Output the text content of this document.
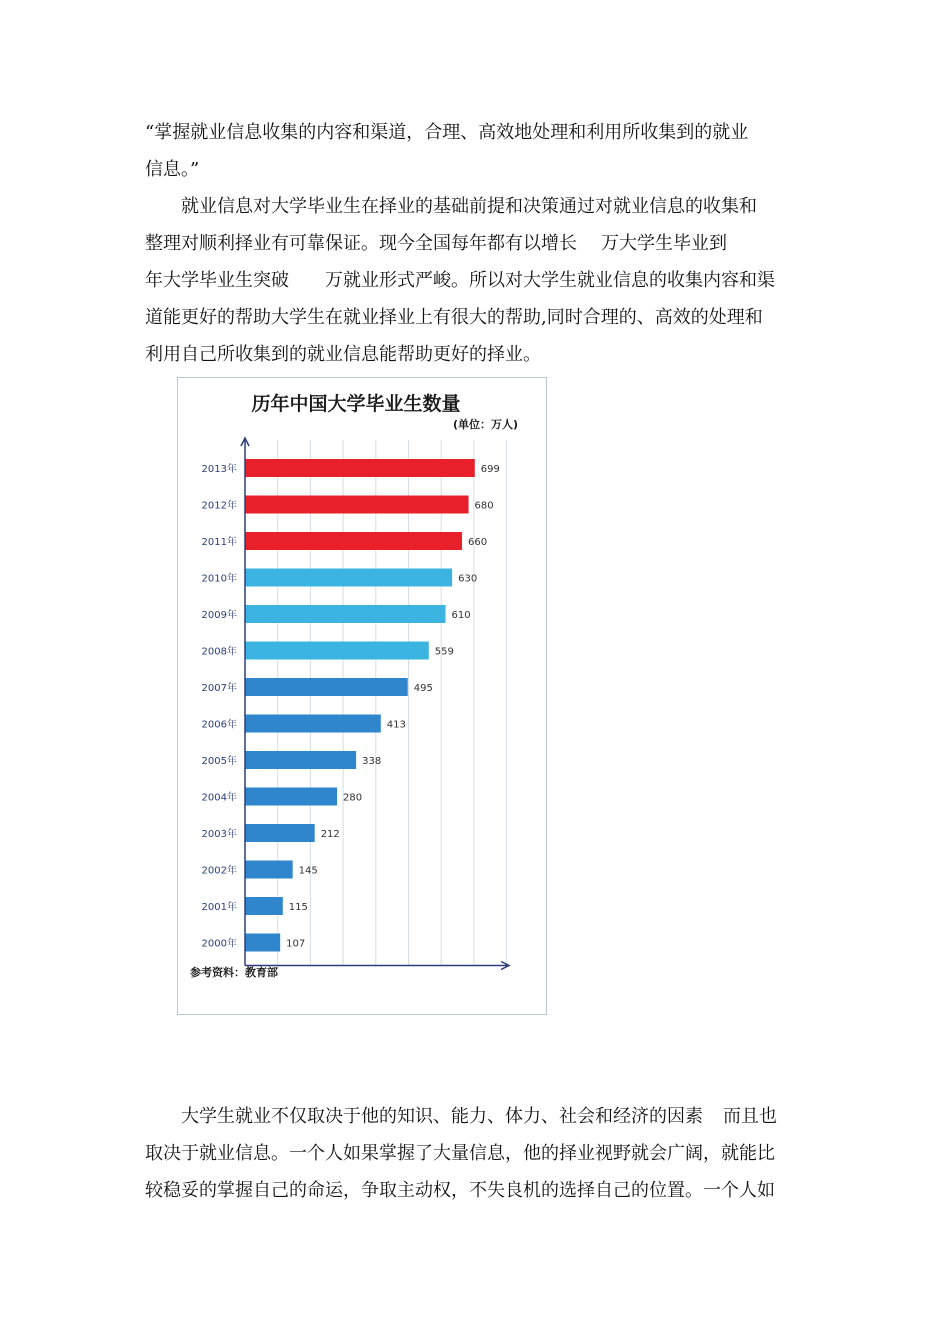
“掌握就业信息收集的内容和渠道，合理、高效地处理和利用所收集到的就业
信息。”
就业信息对大学毕业生在择业的基础前提和决策通过对就业信息的收集和
整理对顺利择业有可靠保证。现今全国每年都有以增长 万大学生毕业到
年大学毕业生突破 万就业形式严峻。所以对大学生就业信息的收集内容和渠
道能更好的帮助大学生在就业择业上有很大的帮助,同时合理的、高效的处理和
利用自己所收集到的就业信息能帮助更好的择业。
历年中国大学毕业生数量
(单位：万人)
2013年	699
2012年	680
2011年	660
2010年	630
2009年	610
2008年	559
2007年	495
2006年	413
2005年	338
2004年	280
2003年	212
2002年	145
2001年	115
2000年	107
参考资料：教育部
大学生就业不仅取决于他的知识、能力、体力、社会和经济的因素 而且也
取决于就业信息。一个人如果掌握了大量信息，他的择业视野就会广阔，就能比
较稳妥的掌握自己的命运，争取主动权，不失良机的选择自己的位置。一个人如
